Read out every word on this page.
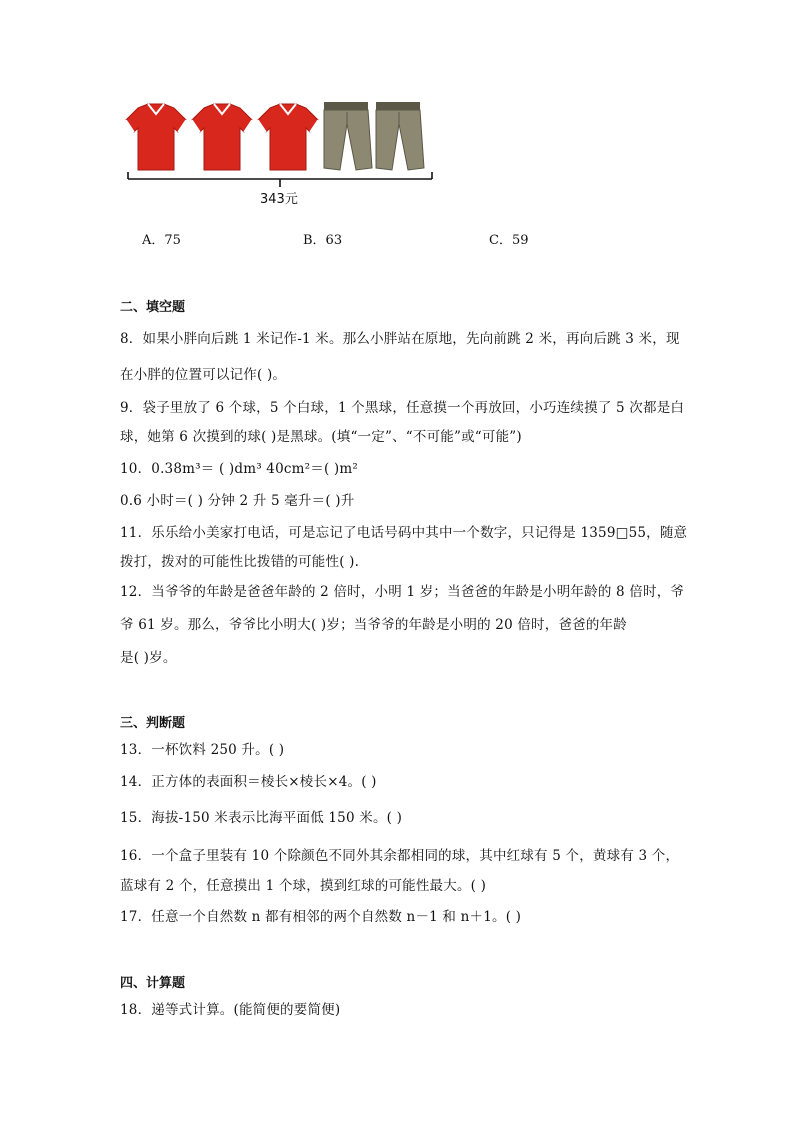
343元
A．75	B．63	C．59
二、填空题
8．如果小胖向后跳 1 米记作-1 米。那么小胖站在原地，先向前跳 2 米，再向后跳 3 米，现
在小胖的位置可以记作( )。
9．袋子里放了 6 个球，5 个白球，1 个黑球，任意摸一个再放回，小巧连续摸了 5 次都是白
球，她第 6 次摸到的球( )是黑球。(填“一定”、“不可能”或“可能”)
10．0.38m³＝ ( )dm³ 40cm²＝( )m²
0.6 小时＝( ) 分钟 2 升 5 毫升＝( )升
11．乐乐给小美家打电话，可是忘记了电话号码中其中一个数字，只记得是 1359□55，随意
拨打，拨对的可能性比拨错的可能性( ).
12．当爷爷的年龄是爸爸年龄的 2 倍时，小明 1 岁；当爸爸的年龄是小明年龄的 8 倍时，爷
爷 61 岁。那么，爷爷比小明大( )岁；当爷爷的年龄是小明的 20 倍时，爸爸的年龄
是( )岁。
三、判断题
13．一杯饮料 250 升。( )
14．正方体的表面积＝棱长×棱长×4。( )
15．海拔-150 米表示比海平面低 150 米。( )
16．一个盒子里装有 10 个除颜色不同外其余都相同的球，其中红球有 5 个，黄球有 3 个，
蓝球有 2 个，任意摸出 1 个球，摸到红球的可能性最大。( )
17．任意一个自然数 n 都有相邻的两个自然数 n－1 和 n＋1。( )
四、计算题
18．递等式计算。(能简便的要简便)
